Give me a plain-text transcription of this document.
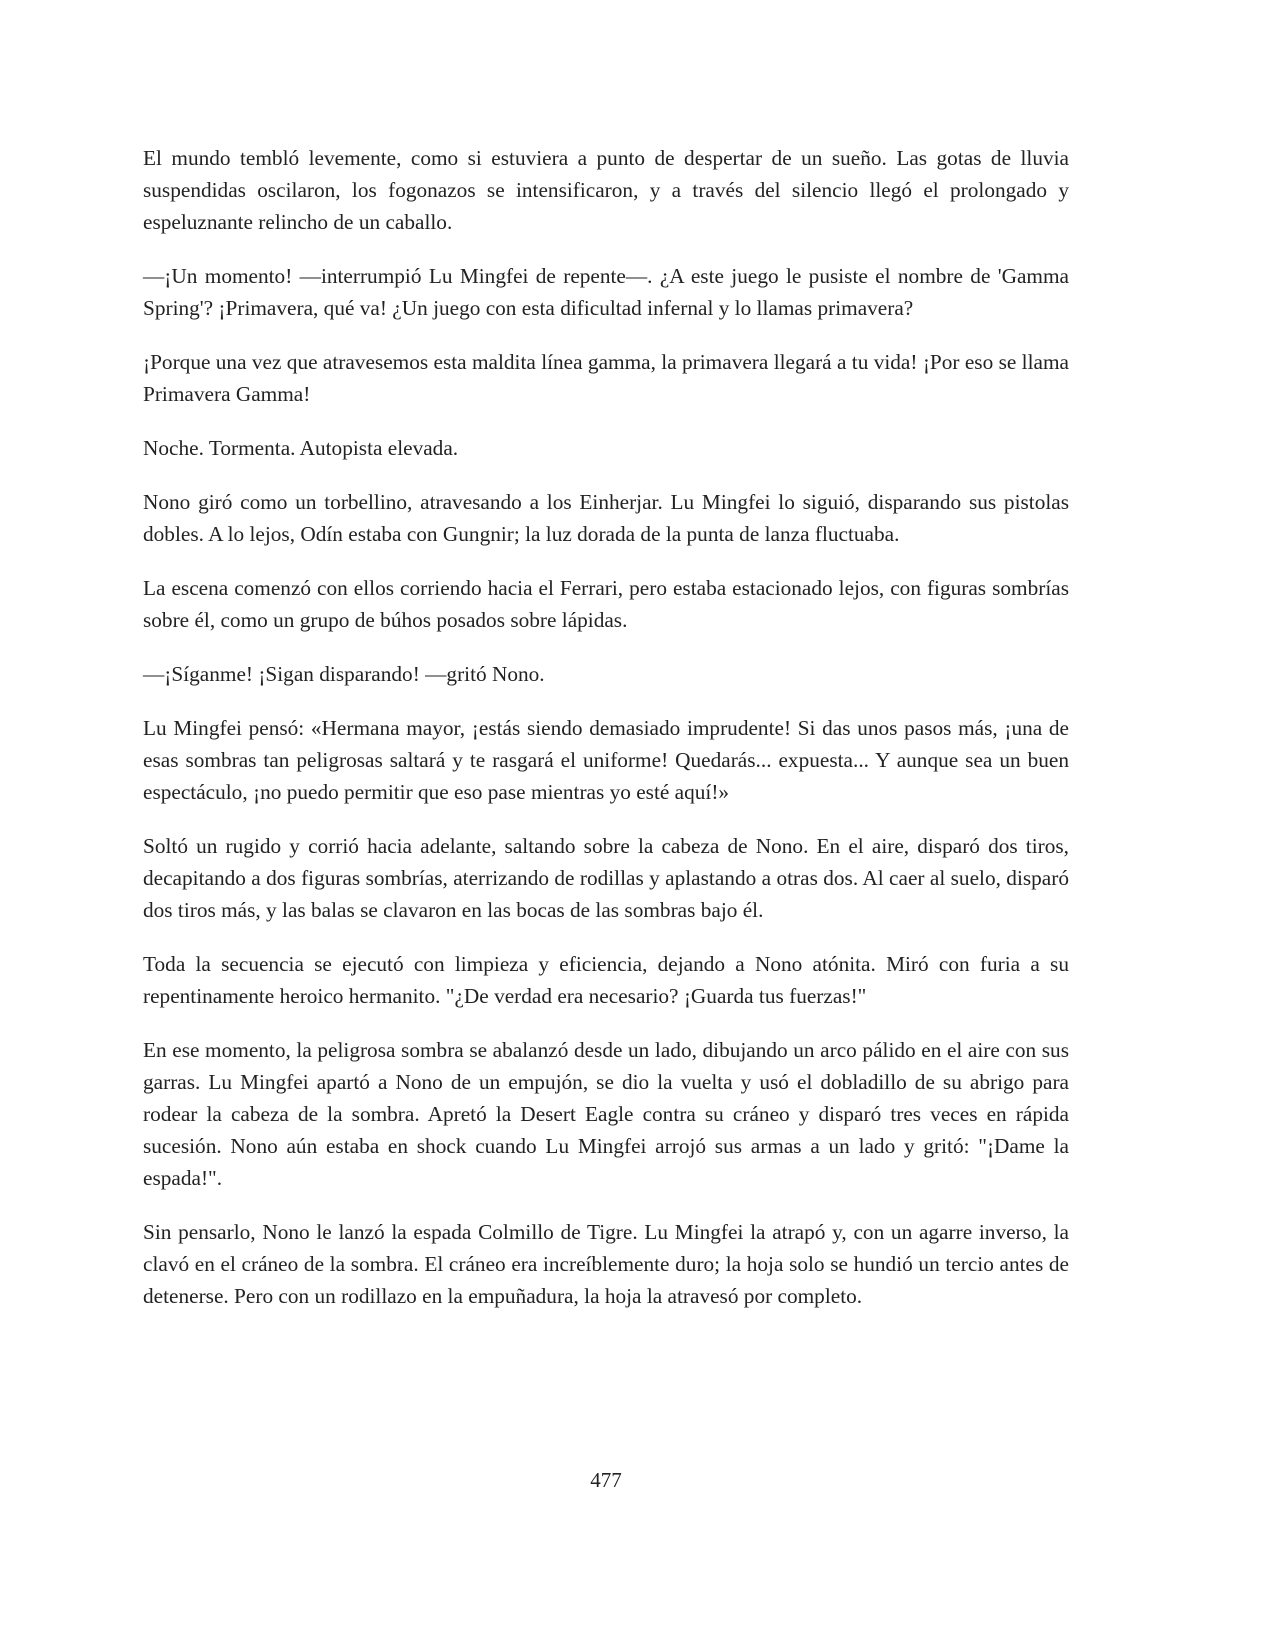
El mundo tembló levemente, como si estuviera a punto de despertar de un sueño. Las gotas de lluvia suspendidas oscilaron, los fogonazos se intensificaron, y a través del silencio llegó el prolongado y espeluznante relincho de un caballo.

—¡Un momento! —interrumpió Lu Mingfei de repente—. ¿A este juego le pusiste el nombre de 'Gamma Spring'? ¡Primavera, qué va! ¿Un juego con esta dificultad infernal y lo llamas primavera?

¡Porque una vez que atravesemos esta maldita línea gamma, la primavera llegará a tu vida! ¡Por eso se llama Primavera Gamma!

Noche. Tormenta. Autopista elevada.

Nono giró como un torbellino, atravesando a los Einherjar. Lu Mingfei lo siguió, disparando sus pistolas dobles. A lo lejos, Odín estaba con Gungnir; la luz dorada de la punta de lanza fluctuaba.

La escena comenzó con ellos corriendo hacia el Ferrari, pero estaba estacionado lejos, con figuras sombrías sobre él, como un grupo de búhos posados sobre lápidas.

—¡Síganme! ¡Sigan disparando! —gritó Nono.

Lu Mingfei pensó: «Hermana mayor, ¡estás siendo demasiado imprudente! Si das unos pasos más, ¡una de esas sombras tan peligrosas saltará y te rasgará el uniforme! Quedarás... expuesta... Y aunque sea un buen espectáculo, ¡no puedo permitir que eso pase mientras yo esté aquí!»

Soltó un rugido y corrió hacia adelante, saltando sobre la cabeza de Nono. En el aire, disparó dos tiros, decapitando a dos figuras sombrías, aterrizando de rodillas y aplastando a otras dos. Al caer al suelo, disparó dos tiros más, y las balas se clavaron en las bocas de las sombras bajo él.

Toda la secuencia se ejecutó con limpieza y eficiencia, dejando a Nono atónita. Miró con furia a su repentinamente heroico hermanito. "¿De verdad era necesario? ¡Guarda tus fuerzas!"

En ese momento, la peligrosa sombra se abalanzó desde un lado, dibujando un arco pálido en el aire con sus garras. Lu Mingfei apartó a Nono de un empujón, se dio la vuelta y usó el dobladillo de su abrigo para rodear la cabeza de la sombra. Apretó la Desert Eagle contra su cráneo y disparó tres veces en rápida sucesión. Nono aún estaba en shock cuando Lu Mingfei arrojó sus armas a un lado y gritó: "¡Dame la espada!".

Sin pensarlo, Nono le lanzó la espada Colmillo de Tigre. Lu Mingfei la atrapó y, con un agarre inverso, la clavó en el cráneo de la sombra. El cráneo era increíblemente duro; la hoja solo se hundió un tercio antes de detenerse. Pero con un rodillazo en la empuñadura, la hoja la atravesó por completo.

477
